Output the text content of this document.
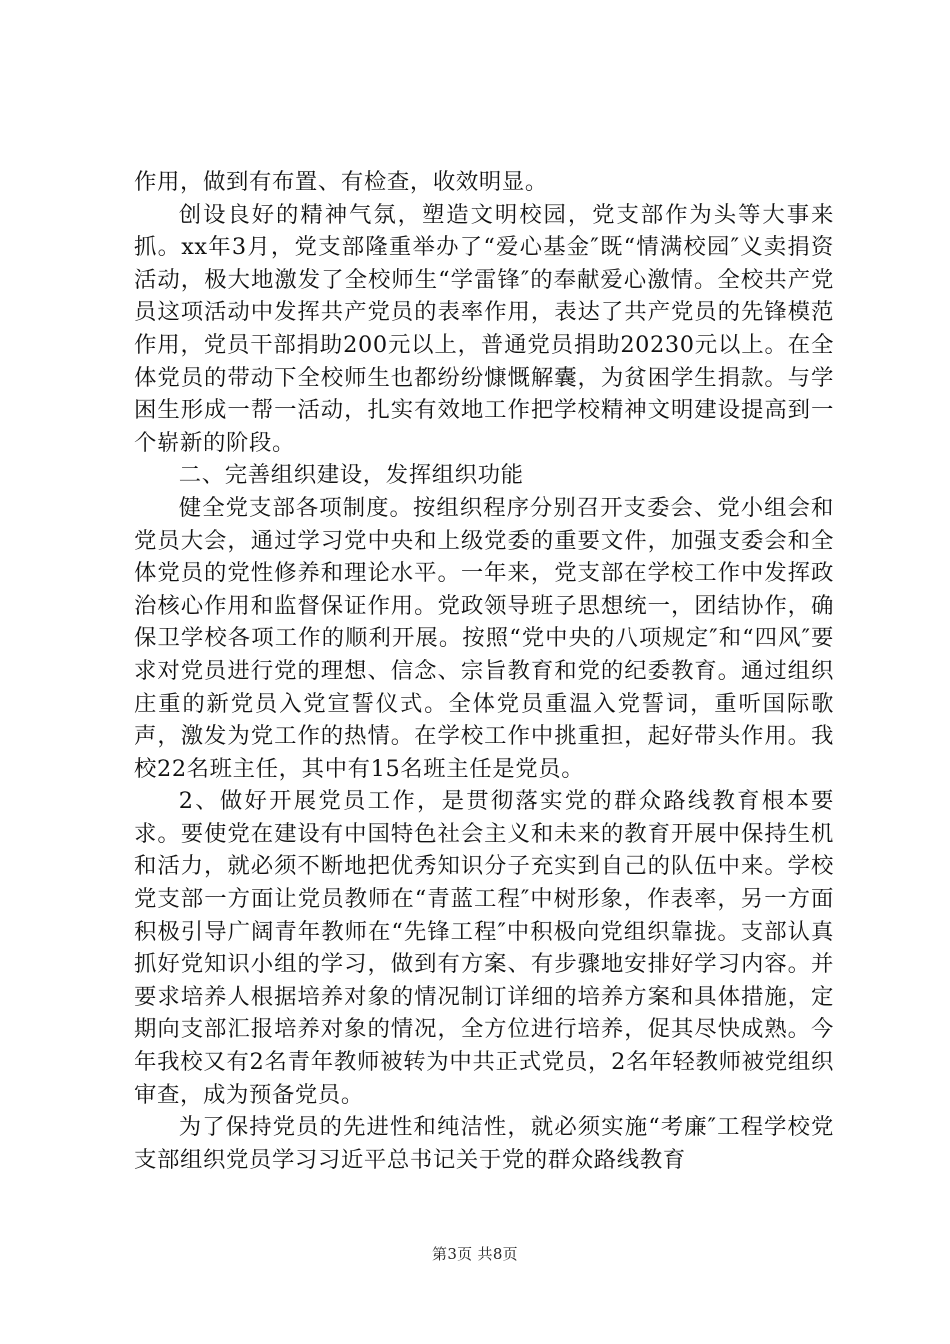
作用，做到有布置、有检查，收效明显。

创设良好的精神气氛，塑造文明校园，党支部作为头等大事来抓。xx年3月，党支部隆重举办了“爱心基金″既“情满校园″义卖捐资活动，极大地激发了全校师生“学雷锋″的奉献爱心激情。全校共产党员这项活动中发挥共产党员的表率作用，表达了共产党员的先锋模范作用，党员干部捐助200元以上，普通党员捐助20230元以上。在全体党员的带动下全校师生也都纷纷慷慨解囊，为贫困学生捐款。与学困生形成一帮一活动，扎实有效地工作把学校精神文明建设提高到一个崭新的阶段。

二、完善组织建设，发挥组织功能

健全党支部各项制度。按组织程序分别召开支委会、党小组会和党员大会，通过学习党中央和上级党委的重要文件，加强支委会和全体党员的党性修养和理论水平。一年来，党支部在学校工作中发挥政治核心作用和监督保证作用。党政领导班子思想统一，团结协作，确保卫学校各项工作的顺利开展。按照“党中央的八项规定″和“四风″要求对党员进行党的理想、信念、宗旨教育和党的纪委教育。通过组织庄重的新党员入党宣誓仪式。全体党员重温入党誓词，重听国际歌声，激发为党工作的热情。在学校工作中挑重担，起好带头作用。我校22名班主任，其中有15名班主任是党员。

2、做好开展党员工作，是贯彻落实党的群众路线教育根本要求。要使党在建设有中国特色社会主义和未来的教育开展中保持生机和活力，就必须不断地把优秀知识分子充实到自己的队伍中来。学校党支部一方面让党员教师在“青蓝工程″中树形象，作表率，另一方面积极引导广阔青年教师在“先锋工程″中积极向党组织靠拢。支部认真抓好党知识小组的学习，做到有方案、有步骤地安排好学习内容。并要求培养人根据培养对象的情况制订详细的培养方案和具体措施，定期向支部汇报培养对象的情况，全方位进行培养，促其尽快成熟。今年我校又有2名青年教师被转为中共正式党员，2名年轻教师被党组织审查，成为预备党员。

为了保持党员的先进性和纯洁性，就必须实施“考廉″工程学校党支部组织党员学习习近平总书记关于党的群众路线教育

第3页 共8页
